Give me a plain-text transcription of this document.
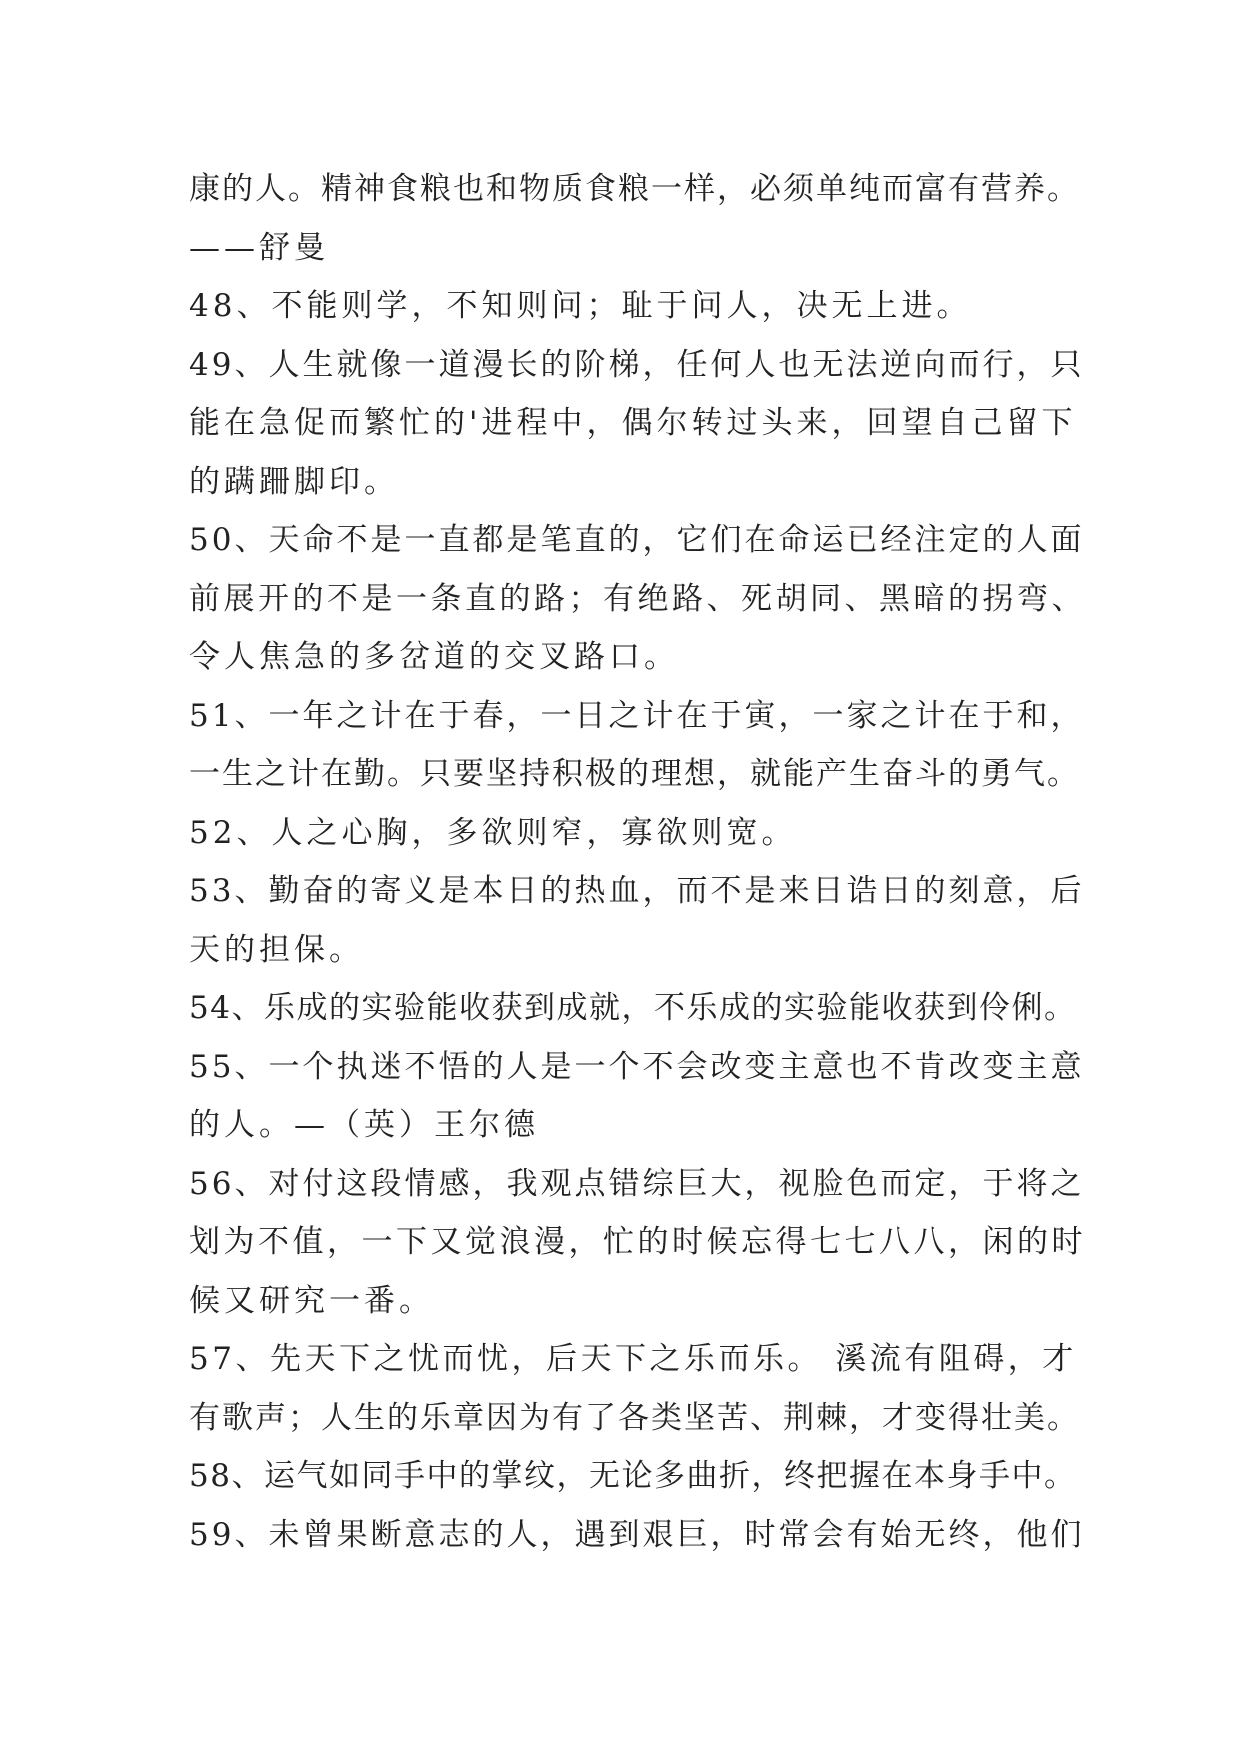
康的人。精神食粮也和物质食粮一样，必须单纯而富有营养。
——舒曼
48、不能则学，不知则问；耻于问人，决无上进。
49、人生就像一道漫长的阶梯，任何人也无法逆向而行，只
能在急促而繁忙的'进程中，偶尔转过头来，回望自己留下
的蹒跚脚印。
50、天命不是一直都是笔直的，它们在命运已经注定的人面
前展开的不是一条直的路；有绝路、死胡同、黑暗的拐弯、
令人焦急的多岔道的交叉路口。
51、一年之计在于春，一日之计在于寅，一家之计在于和，
一生之计在勤。只要坚持积极的理想，就能产生奋斗的勇气。
52、人之心胸，多欲则窄，寡欲则宽。
53、勤奋的寄义是本日的热血，而不是来日诰日的刻意，后
天的担保。
54、乐成的实验能收获到成就，不乐成的实验能收获到伶俐。
55、一个执迷不悟的人是一个不会改变主意也不肯改变主意
的人。—（英）王尔德
56、对付这段情感，我观点错综巨大，视脸色而定，于将之
划为不值，一下又觉浪漫，忙的时候忘得七七八八，闲的时
候又研究一番。
57、先天下之忧而忧，后天下之乐而乐。 溪流有阻碍，才
有歌声；人生的乐章因为有了各类坚苦、荆棘，才变得壮美。
58、运气如同手中的掌纹，无论多曲折，终把握在本身手中。
59、未曾果断意志的人，遇到艰巨，时常会有始无终，他们
